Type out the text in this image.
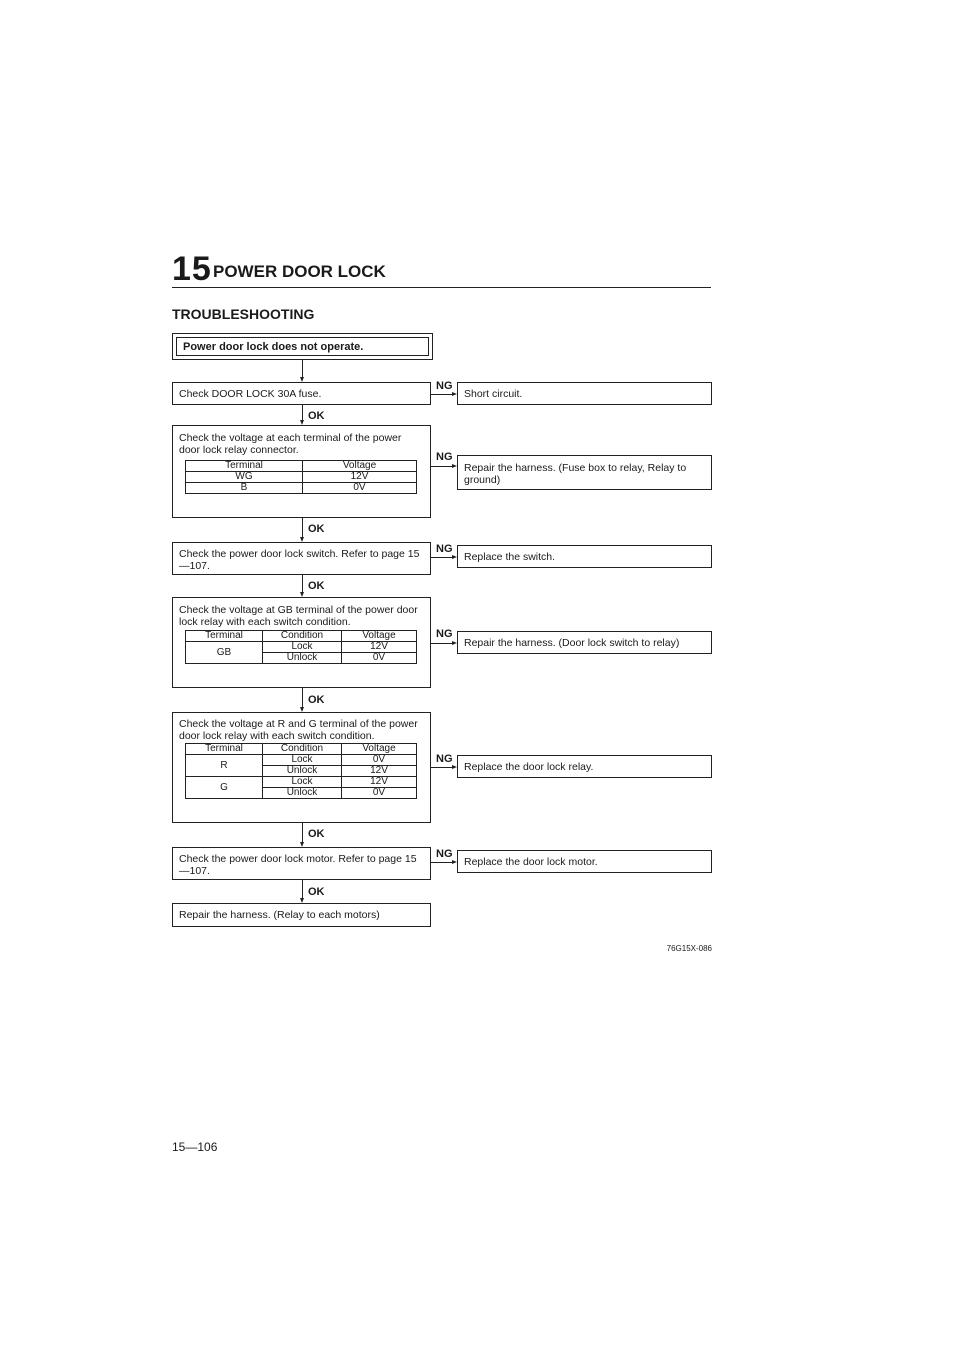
15 POWER DOOR LOCK
TROUBLESHOOTING
Power door lock does not operate.
Check DOOR LOCK 30A fuse.
NG
Short circuit.
OK
Check the voltage at each terminal of the power door lock relay connector.
Terminal	Voltage
WG	12V
B	0V
NG
Repair the harness. (Fuse box to relay, Relay to ground)
OK
Check the power door lock switch. Refer to page 15—107.
NG
Replace the switch.
OK
Check the voltage at GB terminal of the power door lock relay with each switch condition.
Terminal	Condition	Voltage
GB	Lock	12V
	Unlock	0V
NG
Repair the harness. (Door lock switch to relay)
OK
Check the voltage at R and G terminal of the power door lock relay with each switch condition.
Terminal	Condition	Voltage
R	Lock	0V
	Unlock	12V
G	Lock	12V
	Unlock	0V
NG
Replace the door lock relay.
OK
Check the power door lock motor. Refer to page 15—107.
NG
Replace the door lock motor.
OK
Repair the harness. (Relay to each motors)
76G15X-086
15—106
